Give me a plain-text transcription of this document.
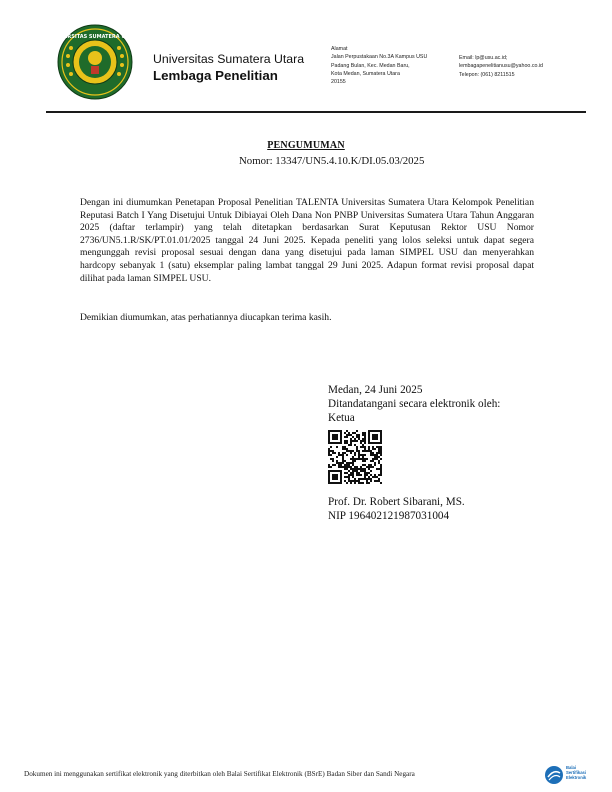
UNIVERSITAS SUMATERA UTARA
Universitas Sumatera Utara
Lembaga Penelitian
Alamat
Jalan Perpustakaan No.3A Kampus USU
Padang Bulan, Kec. Medan Baru,
Kota Medan, Sumatera Utara
20155
Email: lp@usu.ac.id;
lembagapenelitianusu@yahoo.co.id
Telepon: (061) 8211515
PENGUMUMAN
Nomor: 13347/UN5.4.10.K/DI.05.03/2025

Dengan ini diumumkan Penetapan Proposal Penelitian TALENTA Universitas Sumatera Utara Kelompok Penelitian Reputasi Batch I Yang Disetujui Untuk Dibiayai Oleh Dana Non PNBP Universitas Sumatera Utara Tahun Anggaran 2025 (daftar terlampir) yang telah ditetapkan berdasarkan Surat Keputusan Rektor USU Nomor 2736/UN5.1.R/SK/PT.01.01/2025 tanggal 24 Juni 2025. Kepada peneliti yang lolos seleksi untuk dapat segera mengunggah revisi proposal sesuai dengan dana yang disetujui pada laman SIMPEL USU dan menyerahkan hardcopy sebanyak 1 (satu) eksemplar paling lambat tanggal 29 Juni 2025. Adapun format revisi proposal dapat dilihat pada laman SIMPEL USU.

Demikian diumumkan, atas perhatiannya diucapkan terima kasih.
Medan, 24 Juni 2025
Ditandatangani secara elektronik oleh:
Ketua
Prof. Dr. Robert Sibarani, MS.
NIP 196402121987031004
Dokumen ini menggunakan sertifikat elektronik yang diterbitkan oleh Balai Sertifikat Elektronik (BSrE) Badan Siber dan Sandi Negara
Balai
Sertifikasi
Elektronik
